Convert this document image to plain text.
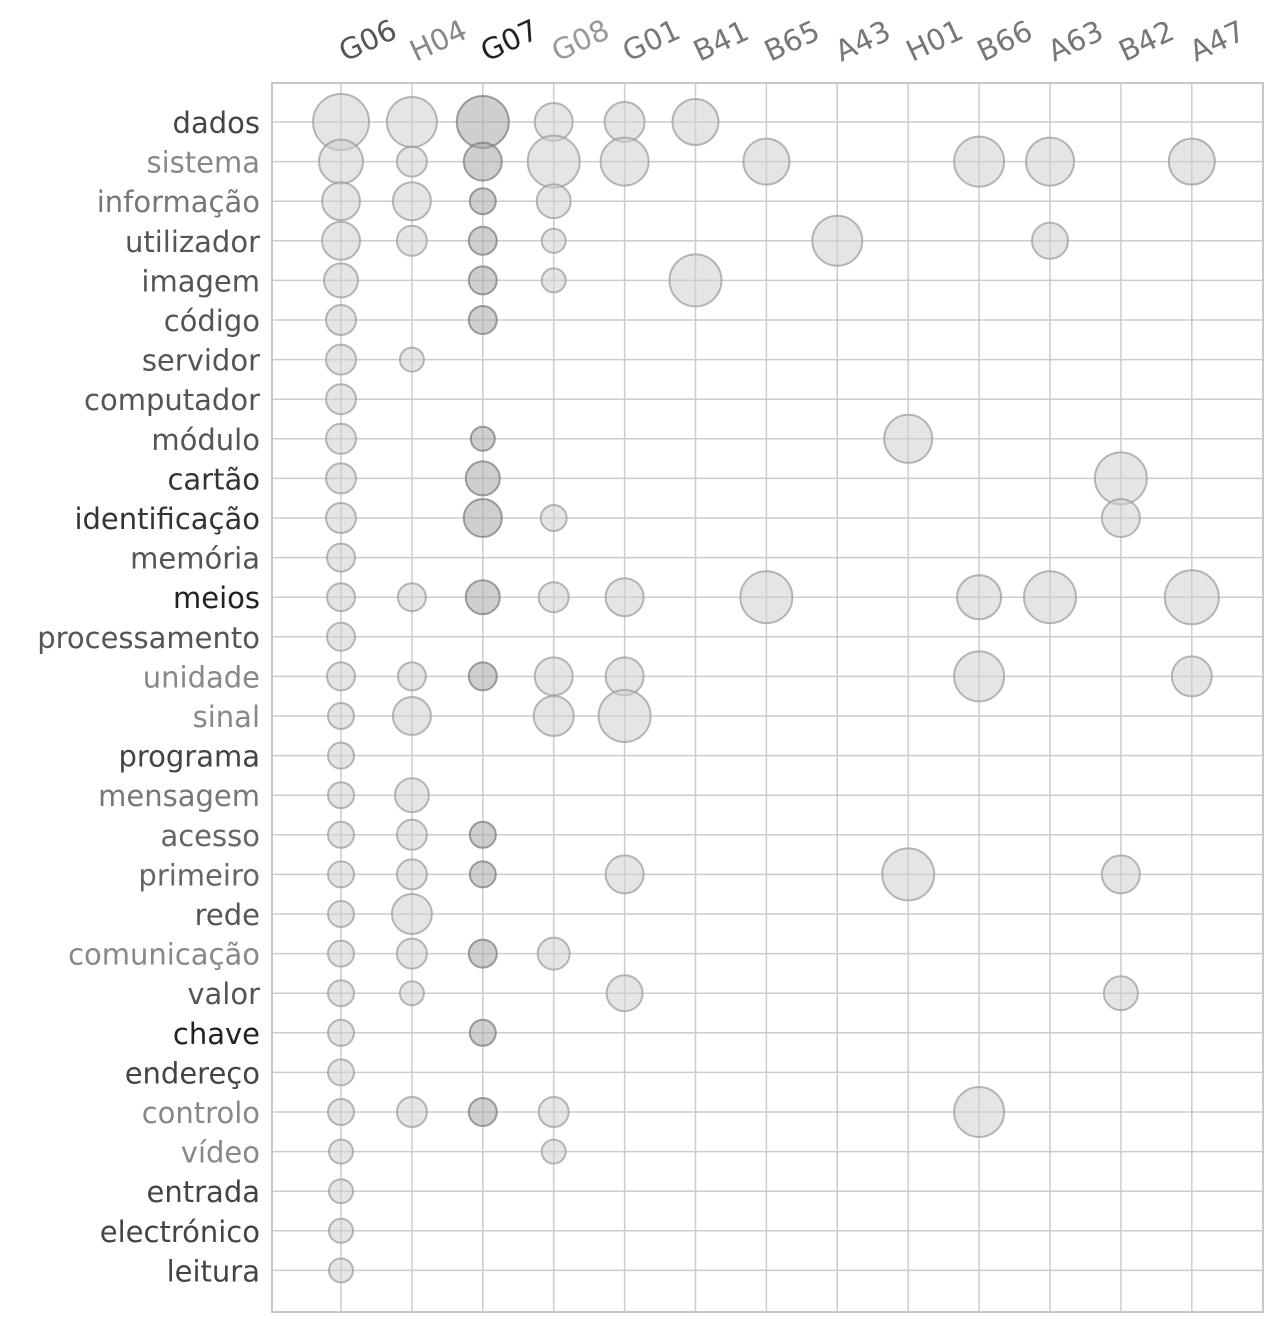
dados
sistema
informação
utilizador
imagem
código
servidor
computador
módulo
cartão
identificação
memória
meios
processamento
unidade
sinal
programa
mensagem
acesso
primeiro
rede
comunicação
valor
chave
endereço
controlo
vídeo
entrada
electrónico
leitura
G06 H04 G07 G08 G01 B41 B65 A43 H01 B66 A63 B42 A47
